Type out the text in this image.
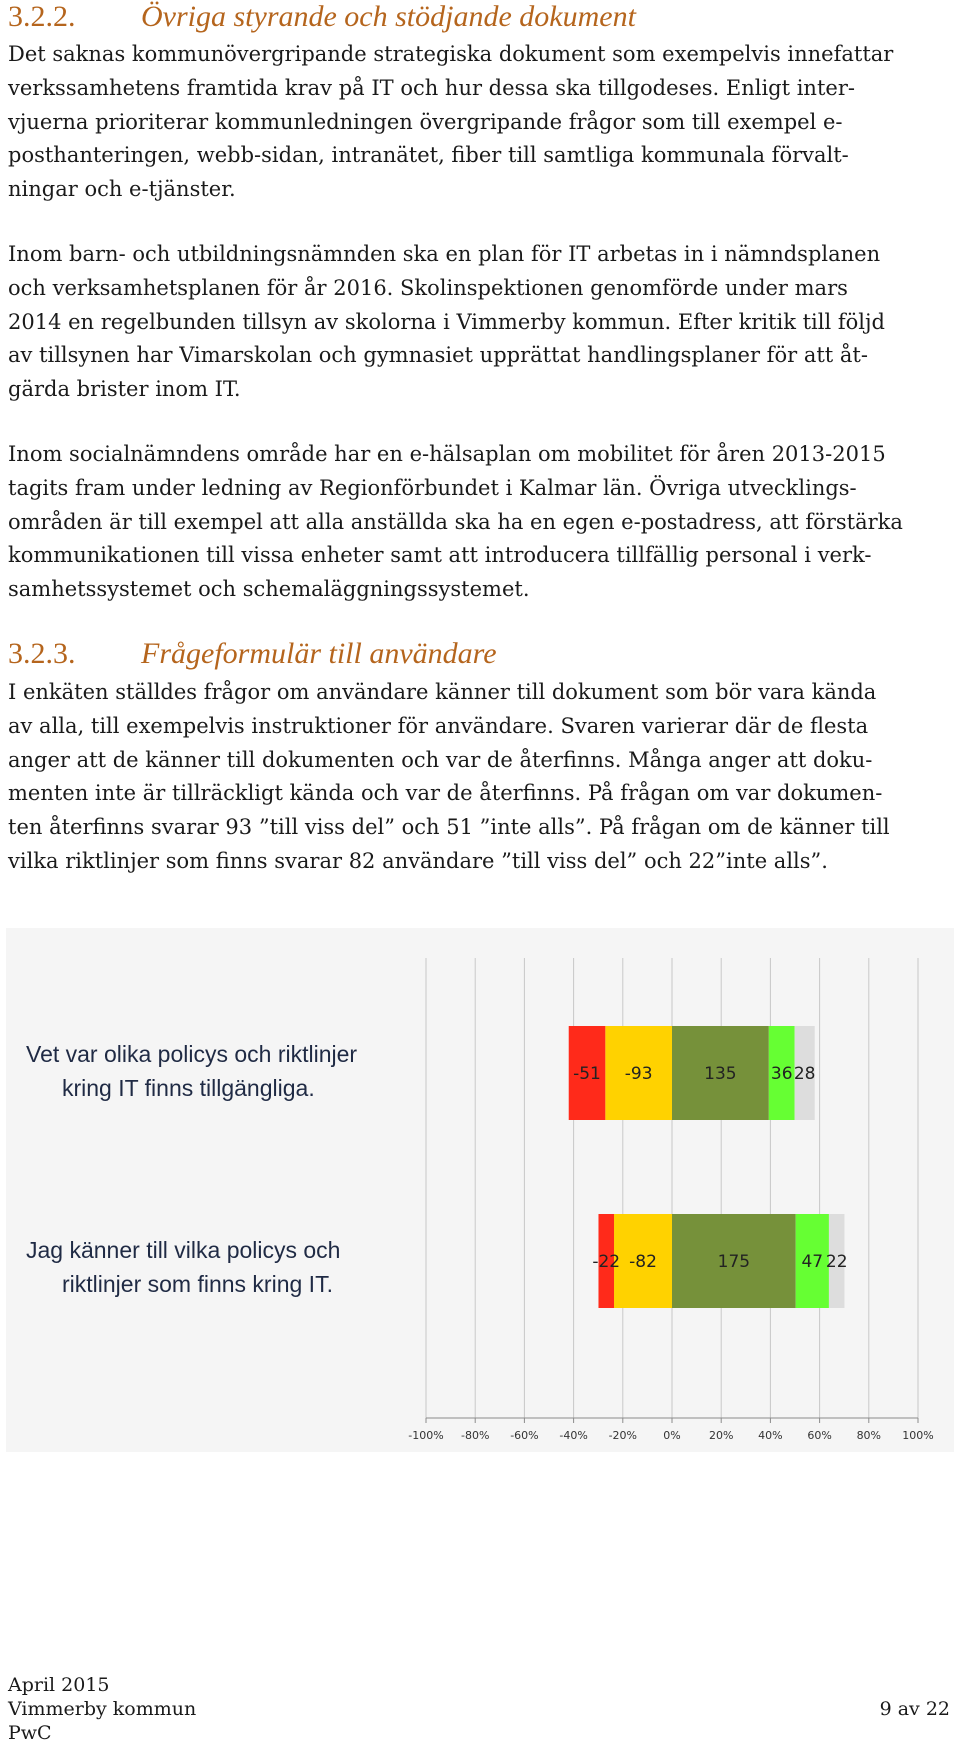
3.2.2. Övriga styrande och stödjande dokument
Det saknas kommunövergripande strategiska dokument som exempelvis innefattar
verkssamhetens framtida krav på IT och hur dessa ska tillgodeses. Enligt inter-
vjuerna prioriterar kommunledningen övergripande frågor som till exempel e-
posthanteringen, webb-sidan, intranätet, fiber till samtliga kommunala förvalt-
ningar och e-tjänster.
Inom barn- och utbildningsnämnden ska en plan för IT arbetas in i nämndsplanen
och verksamhetsplanen för år 2016. Skolinspektionen genomförde under mars
2014 en regelbunden tillsyn av skolorna i Vimmerby kommun. Efter kritik till följd
av tillsynen har Vimarskolan och gymnasiet upprättat handlingsplaner för att åt-
gärda brister inom IT.
Inom socialnämndens område har en e-hälsaplan om mobilitet för åren 2013-2015
tagits fram under ledning av Regionförbundet i Kalmar län. Övriga utvecklings-
områden är till exempel att alla anställda ska ha en egen e-postadress, att förstärka
kommunikationen till vissa enheter samt att introducera tillfällig personal i verk-
samhetssystemet och schemaläggningssystemet.
3.2.3. Frågeformulär till användare
I enkäten ställdes frågor om användare känner till dokument som bör vara kända
av alla, till exempelvis instruktioner för användare. Svaren varierar där de flesta
anger att de känner till dokumenten och var de återfinns. Många anger att doku-
menten inte är tillräckligt kända och var de återfinns. På frågan om var dokumen-
ten återfinns svarar 93 ”till viss del” och 51 ”inte alls”. På frågan om de känner till
vilka riktlinjer som finns svarar 82 användare ”till viss del” och 22”inte alls”.
-100% -80% -60% -40% -20% 0%	20% 40% 60% 80% 100%
-93
-51	135 36 28
Vet var olika policys och riktlinjer
kring IT finns tillgängliga.
-82
-22	175	47 22
Jag känner till vilka policys och
riktlinjer som finns kring IT.
April 2015
Vimmerby kommun
PwC
9 av 22
